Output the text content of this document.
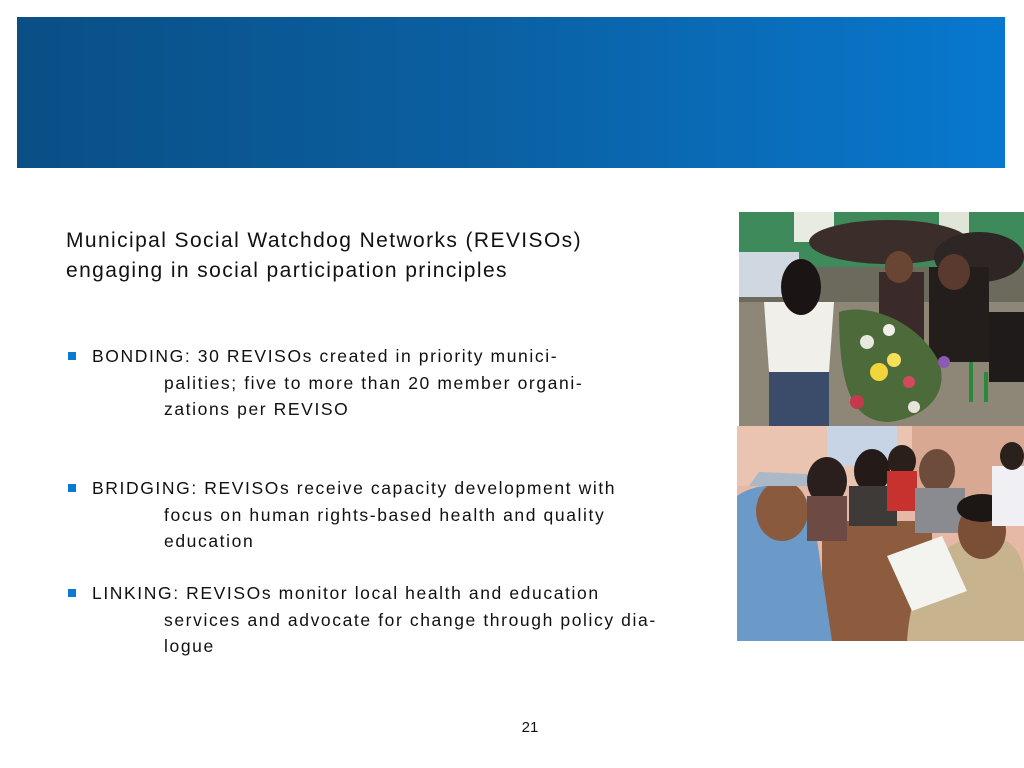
Municipal Social Watchdog Networks (REVISOs)
engaging in social participation principles
BONDING: 30 REVISOs created in priority munici-
palities; five to more than 20 member organi-
zations per REVISO
BRIDGING: REVISOs receive capacity development with
focus on human rights-based health and quality
education
LINKING: REVISOs monitor local health and education
services and advocate for change through policy dia-
logue
21
